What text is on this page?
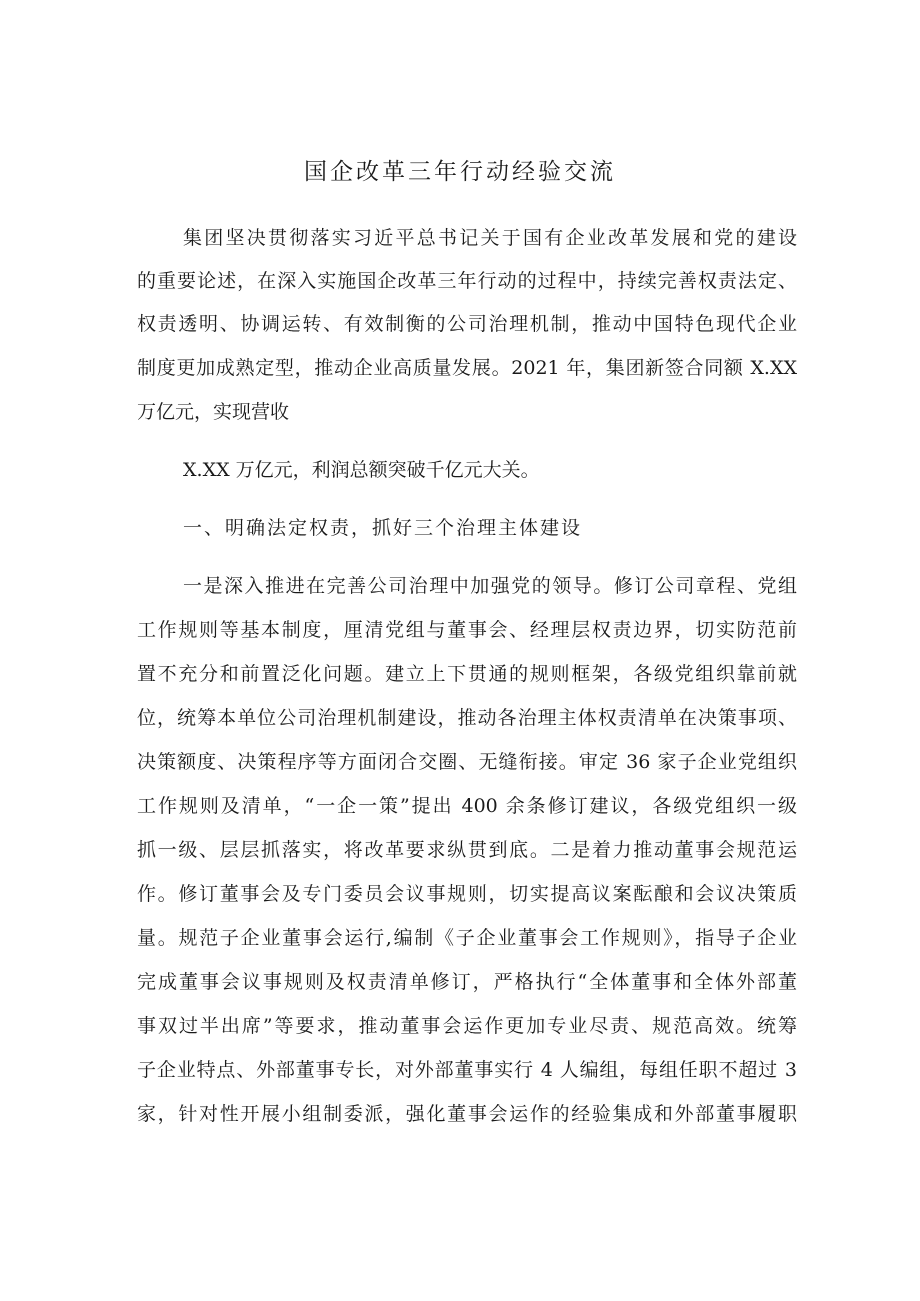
国企改革三年行动经验交流
集团坚决贯彻落实习近平总书记关于国有企业改革发展和党的建设
的重要论述，在深入实施国企改革三年行动的过程中，持续完善权责法定、
权责透明、协调运转、有效制衡的公司治理机制，推动中国特色现代企业
制度更加成熟定型，推动企业高质量发展。2021 年，集团新签合同额 X.XX
万亿元，实现营收
X.XX 万亿元，利润总额突破千亿元大关。
一、明确法定权责，抓好三个治理主体建设
一是深入推进在完善公司治理中加强党的领导。修订公司章程、党组
工作规则等基本制度，厘清党组与董事会、经理层权责边界，切实防范前
置不充分和前置泛化问题。建立上下贯通的规则框架，各级党组织靠前就
位，统筹本单位公司治理机制建设，推动各治理主体权责清单在决策事项、
决策额度、决策程序等方面闭合交圈、无缝衔接。审定 36 家子企业党组织
工作规则及清单，“一企一策”提出 400 余条修订建议，各级党组织一级
抓一级、层层抓落实，将改革要求纵贯到底。二是着力推动董事会规范运
作。修订董事会及专门委员会议事规则，切实提高议案酝酿和会议决策质
量。规范子企业董事会运行,编制《子企业董事会工作规则》，指导子企业
完成董事会议事规则及权责清单修订，严格执行“全体董事和全体外部董
事双过半出席”等要求，推动董事会运作更加专业尽责、规范高效。统筹
子企业特点、外部董事专长，对外部董事实行 4 人编组，每组任职不超过 3
家，针对性开展小组制委派，强化董事会运作的经验集成和外部董事履职
